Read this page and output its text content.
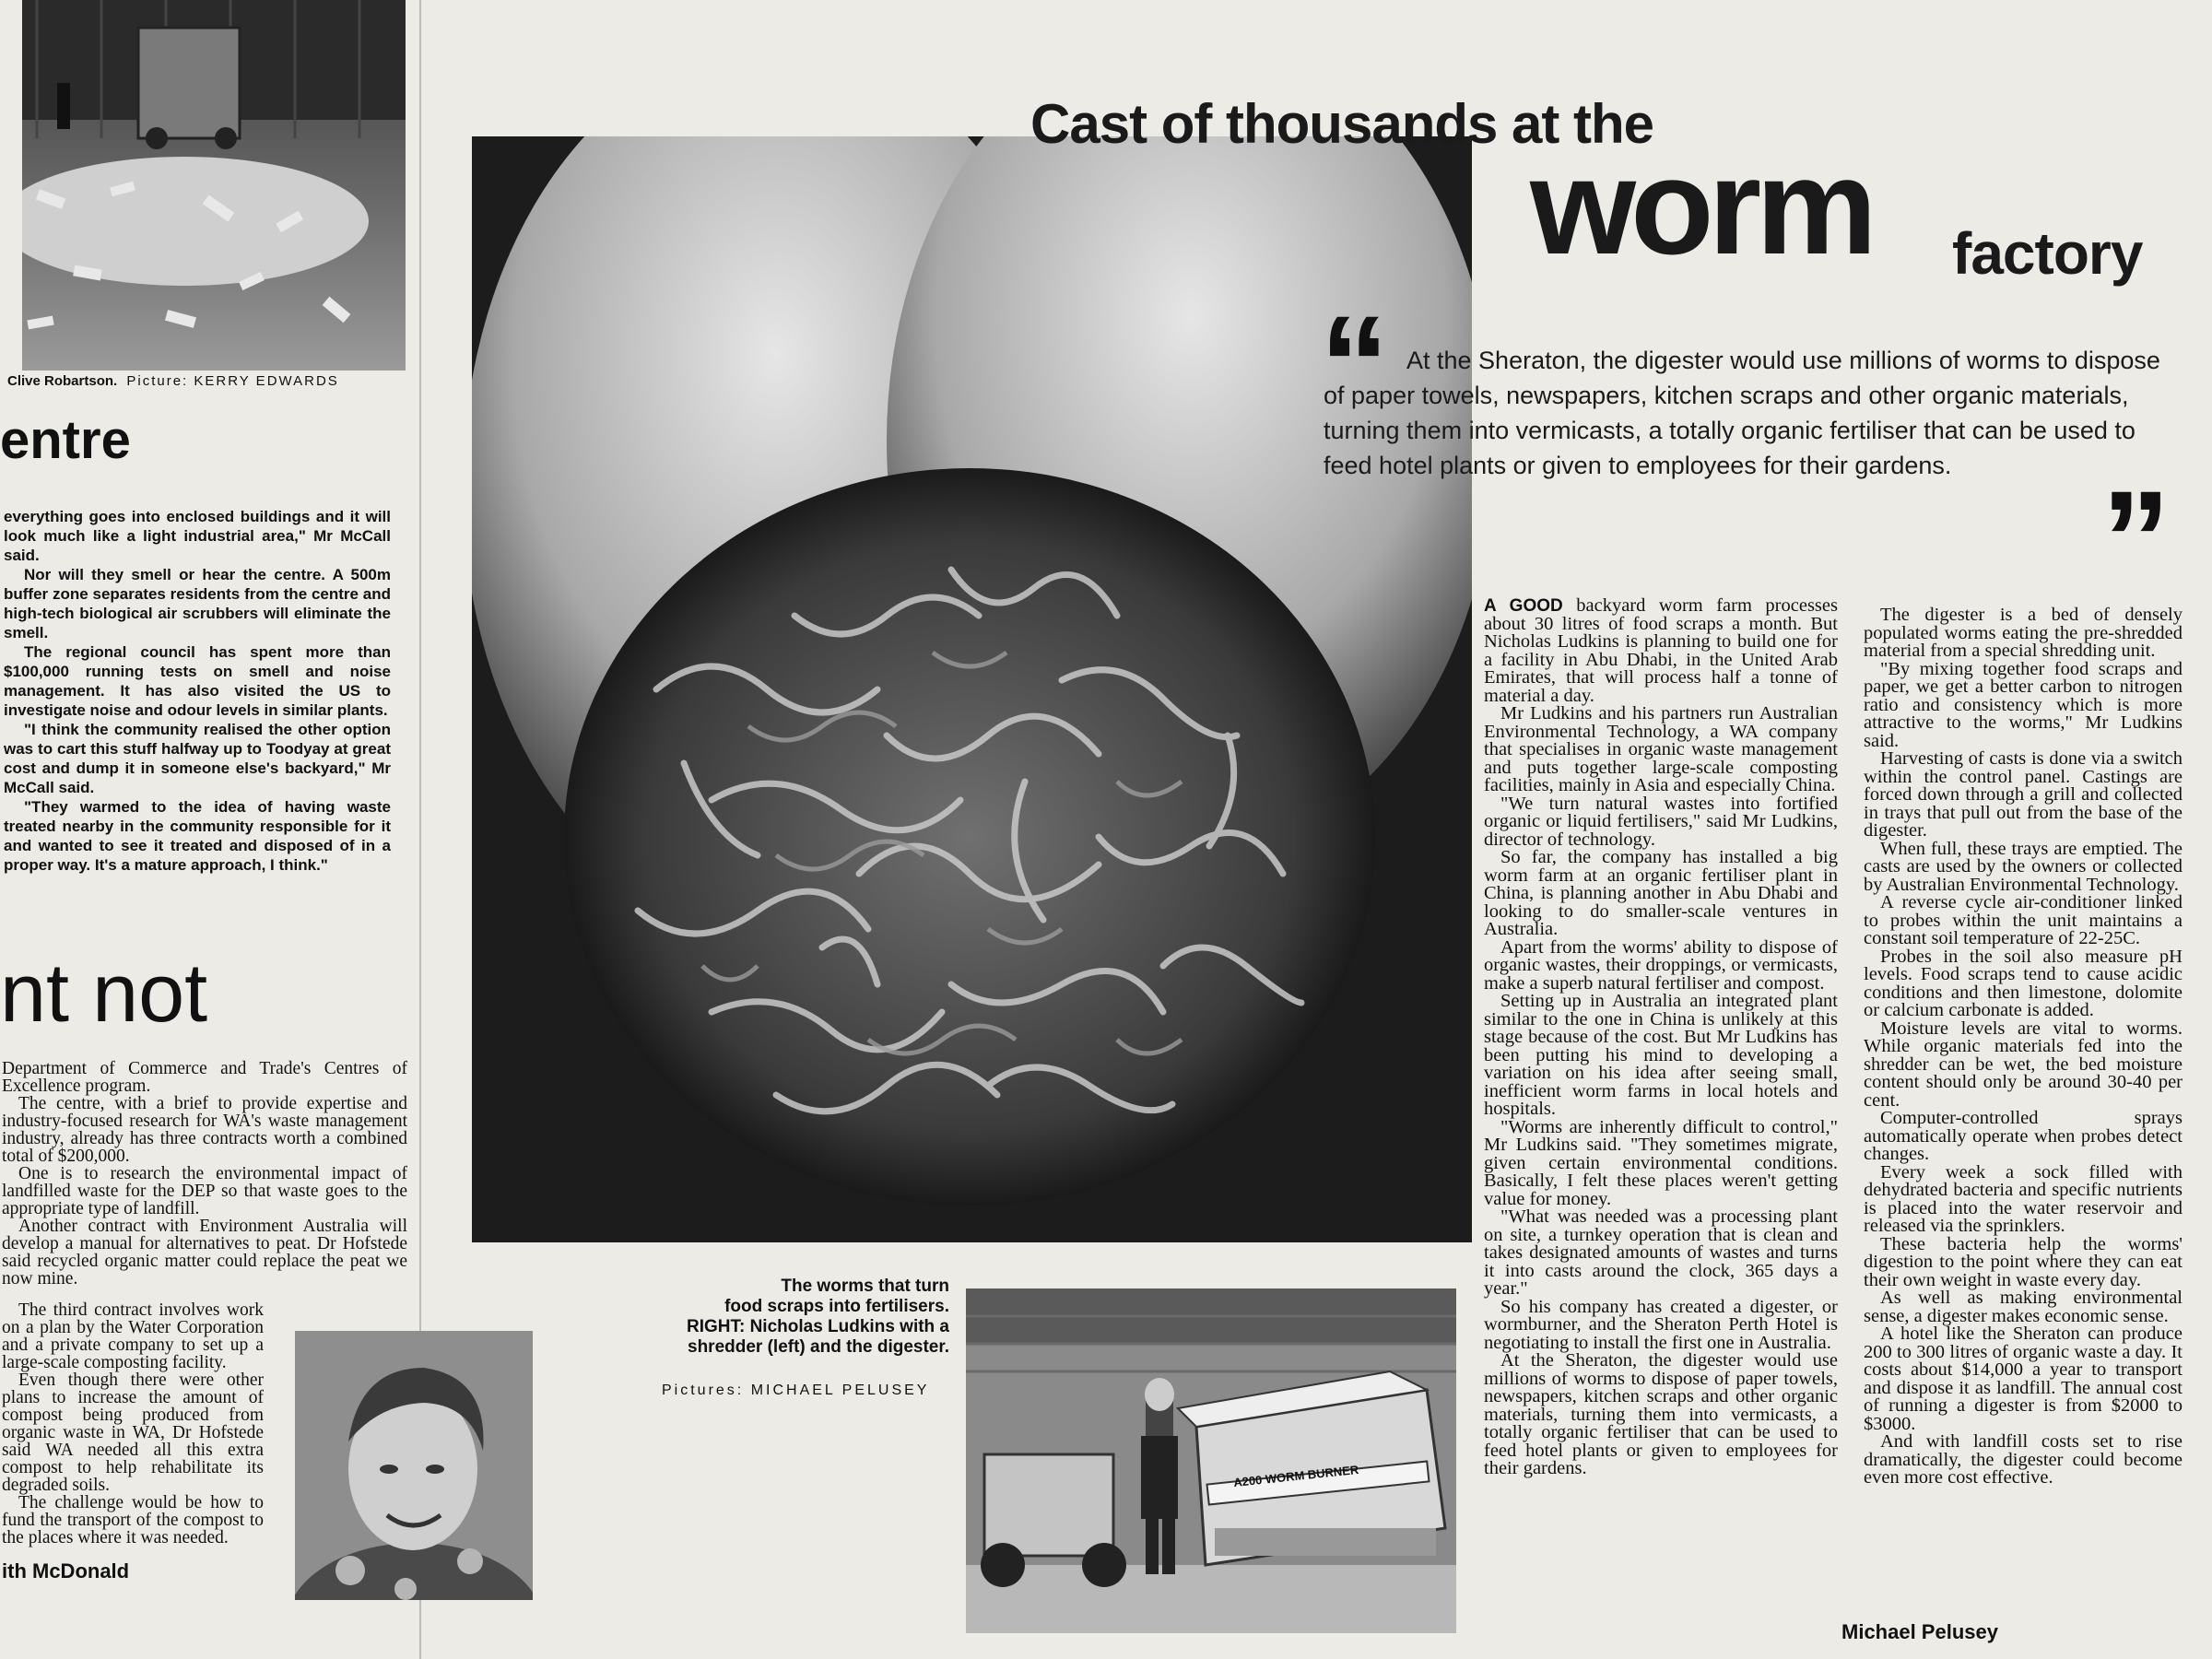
Clive Robartson. Picture: KERRY EDWARDS
entre

everything goes into enclosed buildings and it will look much like a light industrial area," Mr McCall said.

Nor will they smell or hear the centre. A 500m buffer zone separates residents from the centre and high-tech biological air scrubbers will eliminate the smell.

The regional council has spent more than $100,000 running tests on smell and noise management. It has also visited the US to investigate noise and odour levels in similar plants.

"I think the community realised the other option was to cart this stuff halfway up to Toodyay at great cost and dump it in someone else's backyard," Mr McCall said.

"They warmed to the idea of having waste treated nearby in the community responsible for it and wanted to see it treated and disposed of in a proper way. It's a mature approach, I think."

nt not

Department of Commerce and Trade's Centres of Excellence program.

The centre, with a brief to provide expertise and industry-focused research for WA's waste management industry, already has three contracts worth a combined total of $200,000.

One is to research the environmental impact of landfilled waste for the DEP so that waste goes to the appropriate type of landfill.

Another contract with Environment Australia will develop a manual for alternatives to peat. Dr Hofstede said recycled organic matter could replace the peat we now mine.

The third contract involves work on a plan by the Water Corporation and a private company to set up a large-scale composting facility.

Even though there were other plans to increase the amount of compost being produced from organic waste in WA, Dr Hofstede said WA needed all this extra compost to help rehabilitate its degraded soils.

The challenge would be how to fund the transport of the compost to the places where it was needed.

ith McDonald
Cast of thousands at the
worm factory
“ At the Sheraton, the digester would use millions of worms to dispose of paper towels, newspapers, kitchen scraps and other organic materials, turning them into vermicasts, a totally organic fertiliser that can be used to feed hotel plants or given to employees for their gardens.	”
The worms that turn
food scraps into fertilisers.
RIGHT: Nicholas Ludkins with a
shredder (left) and the digester.
Pictures: MICHAEL PELUSEY
A200 WORM BURNER

A GOOD backyard worm farm processes about 30 litres of food scraps a month. But Nicholas Ludkins is planning to build one for a facility in Abu Dhabi, in the United Arab Emirates, that will process half a tonne of material a day.

Mr Ludkins and his partners run Australian Environmental Technology, a WA company that specialises in organic waste management and puts together large-scale composting facilities, mainly in Asia and especially China.

"We turn natural wastes into fortified organic or liquid fertilisers," said Mr Ludkins, director of technology.

So far, the company has installed a big worm farm at an organic fertiliser plant in China, is planning another in Abu Dhabi and looking to do smaller-scale ventures in Australia.

Apart from the worms' ability to dispose of organic wastes, their droppings, or vermicasts, make a superb natural fertiliser and compost.

Setting up in Australia an integrated plant similar to the one in China is unlikely at this stage because of the cost. But Mr Ludkins has been putting his mind to developing a variation on his idea after seeing small, inefficient worm farms in local hotels and hospitals.

"Worms are inherently difficult to control," Mr Ludkins said. "They sometimes migrate, given certain environmental conditions. Basically, I felt these places weren't getting value for money.

"What was needed was a processing plant on site, a turnkey operation that is clean and takes designated amounts of wastes and turns it into casts around the clock, 365 days a year."

So his company has created a digester, or wormburner, and the Sheraton Perth Hotel is negotiating to install the first one in Australia.

At the Sheraton, the digester would use millions of worms to dispose of paper towels, newspapers, kitchen scraps and other organic materials, turning them into vermicasts, a totally organic fertiliser that can be used to feed hotel plants or given to employees for their gardens.

The digester is a bed of densely populated worms eating the pre-shredded material from a special shredding unit.

"By mixing together food scraps and paper, we get a better carbon to nitrogen ratio and consistency which is more attractive to the worms," Mr Ludkins said.

Harvesting of casts is done via a switch within the control panel. Castings are forced down through a grill and collected in trays that pull out from the base of the digester.

When full, these trays are emptied. The casts are used by the owners or collected by Australian Environmental Technology.

A reverse cycle air-conditioner linked to probes within the unit maintains a constant soil temperature of 22-25C.

Probes in the soil also measure pH levels. Food scraps tend to cause acidic conditions and then limestone, dolomite or calcium carbonate is added.

Moisture levels are vital to worms. While organic materials fed into the shredder can be wet, the bed moisture content should only be around 30-40 per cent.

Computer-controlled sprays automatically operate when probes detect changes.

Every week a sock filled with dehydrated bacteria and specific nutrients is placed into the water reservoir and released via the sprinklers.

These bacteria help the worms' digestion to the point where they can eat their own weight in waste every day.

As well as making environmental sense, a digester makes economic sense.

A hotel like the Sheraton can produce 200 to 300 litres of organic waste a day. It costs about $14,000 a year to transport and dispose it as landfill. The annual cost of running a digester is from $2000 to $3000.

And with landfill costs set to rise dramatically, the digester could become even more cost effective.

Michael Pelusey
